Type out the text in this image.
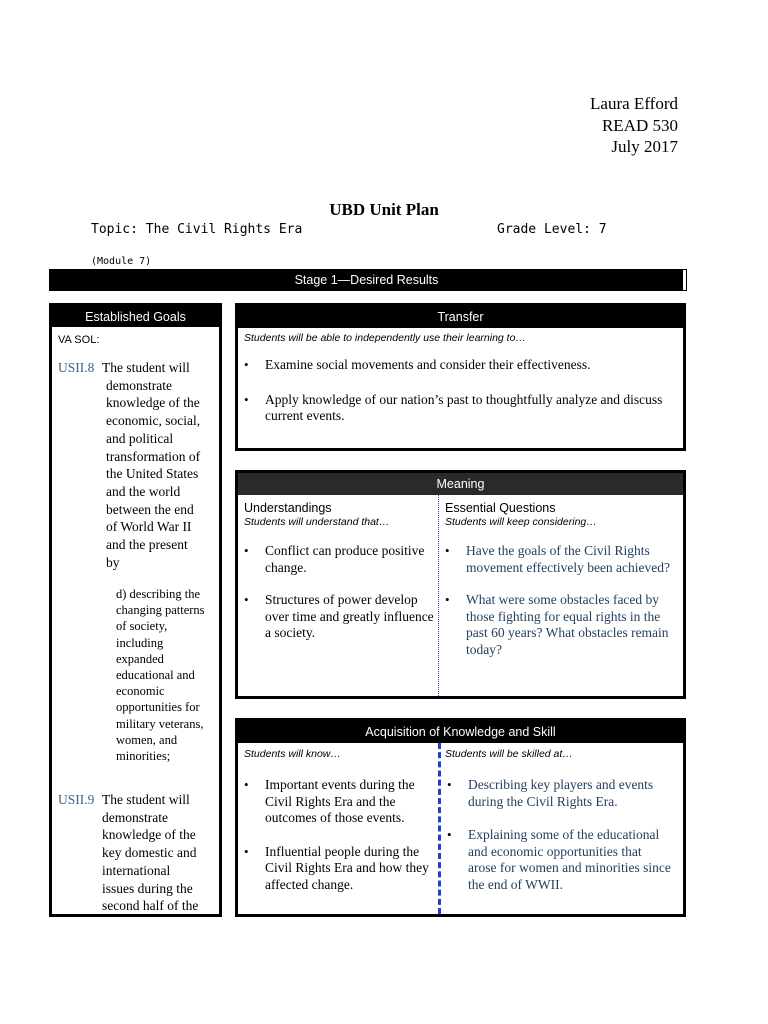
Laura Efford
READ 530
July 2017
UBD Unit Plan
Topic: The Civil Rights Era	Grade Level: 7
(Module 7)
Stage 1—Desired Results
Established Goals
VA SOL:
USII.8 The student will
demonstrate
knowledge of the
economic, social,
and political
transformation of
the United States
and the world
between the end
of World War II
and the present
by
d) describing the
changing patterns
of society,
including
expanded
educational and
economic
opportunities for
military veterans,
women, and
minorities;
USII.9 The student will
demonstrate
knowledge of the
key domestic and
international
issues during the
second half of the
Transfer
Students will be able to independently use their learning to…
• Examine social movements and consider their effectiveness.
• Apply knowledge of our nation’s past to thoughtfully analyze and discuss current events.
Meaning
Understandings
Students will understand that…
• Conflict can produce positive change.
• Structures of power develop over time and greatly influence a society.
Essential Questions
Students will keep considering…
• Have the goals of the Civil Rights movement effectively been achieved?
• What were some obstacles faced by those fighting for equal rights in the past 60 years? What obstacles remain today?
Acquisition of Knowledge and Skill
Students will know…
• Important events during the Civil Rights Era and the outcomes of those events.
• Influential people during the Civil Rights Era and how they affected change.
Students will be skilled at…
• Describing key players and events during the Civil Rights Era.
• Explaining some of the educational and economic opportunities that arose for women and minorities since the end of WWII.
